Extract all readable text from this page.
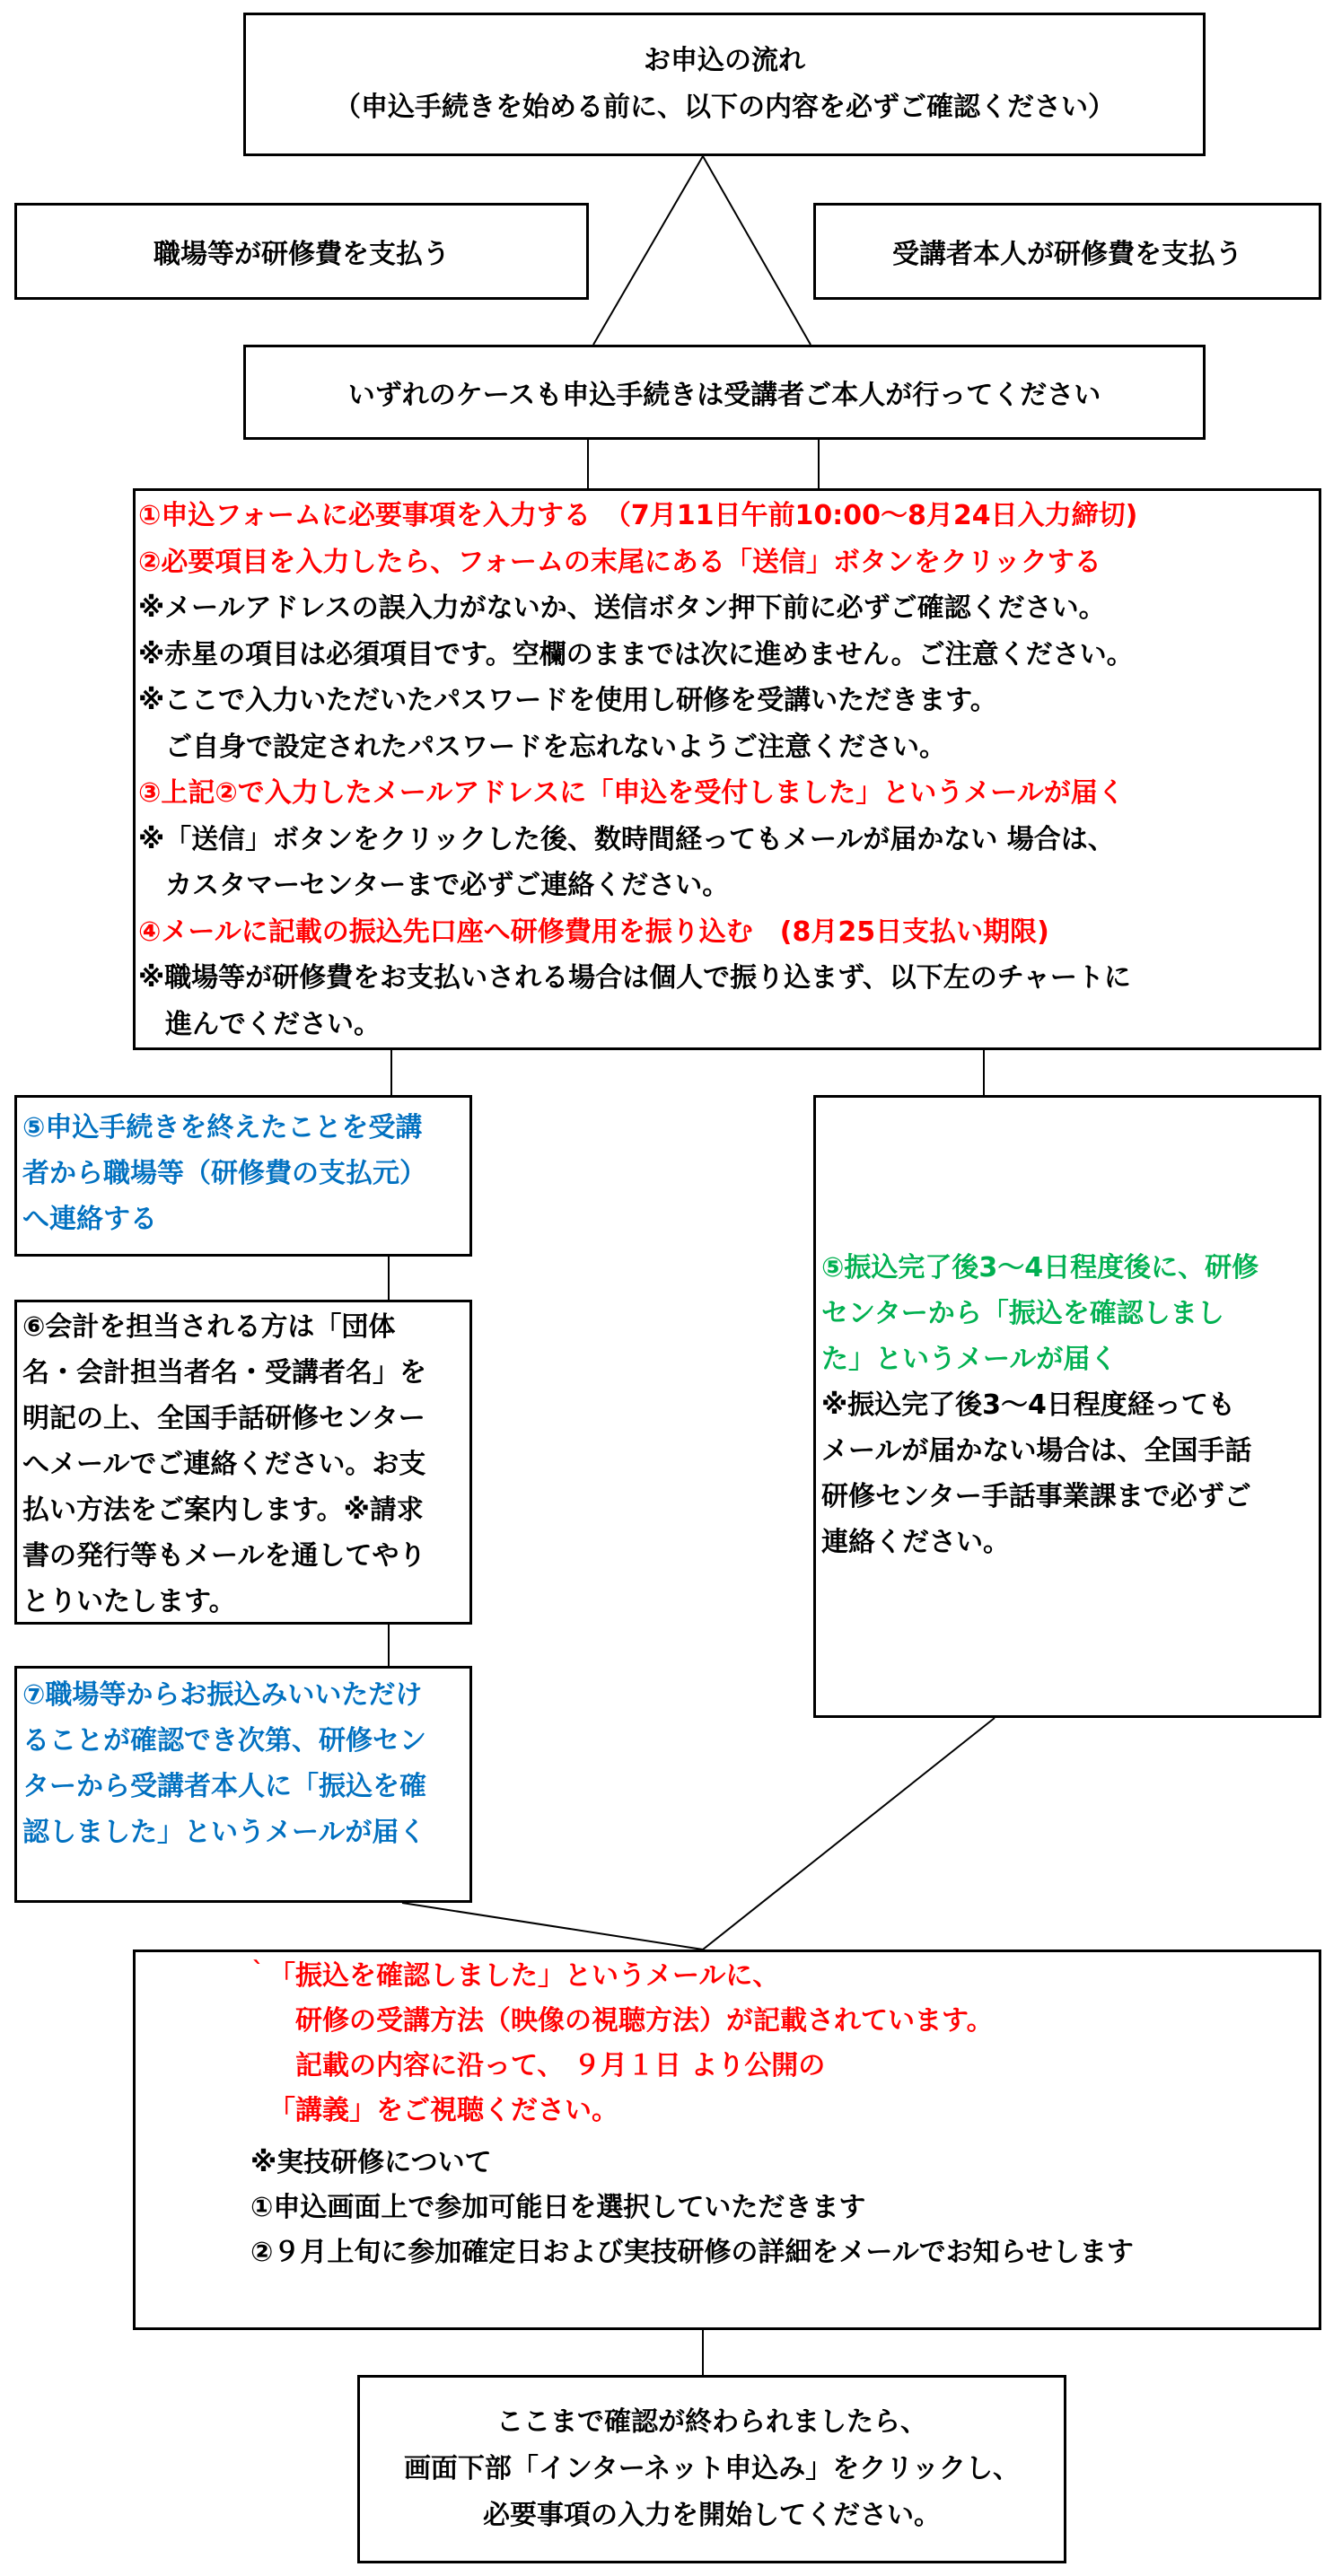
お申込の流れ
（申込手続きを始める前に、以下の内容を必ずご確認ください）
職場等が研修費を支払う	受講者本人が研修費を支払う
いずれのケースも申込手続きは受講者ご本人が行ってください
①申込フォームに必要事項を入力する　（7月11日午前10:00～8月24日入力締切)
②必要項目を入力したら、フォームの末尾にある「送信」ボタンをクリックする
※メールアドレスの誤入力がないか、送信ボタン押下前に必ずご確認ください。
※赤星の項目は必須項目です。空欄のままでは次に進めません。ご注意ください。
※ここで入力いただいたパスワードを使用し研修を受講いただきます。
　ご自身で設定されたパスワードを忘れないようご注意ください。
③上記②で入力したメールアドレスに「申込を受付しました」というメールが届く
※「送信」ボタンをクリックした後、数時間経ってもメールが届かない 場合は、
　カスタマーセンターまで必ずご連絡ください。
④メールに記載の振込先口座へ研修費用を振り込む　(8月25日支払い期限)
※職場等が研修費をお支払いされる場合は個人で振り込まず、以下左のチャートに
　進んでください。
⑤申込手続きを終えたことを受講
者から職場等（研修費の支払元）
へ連絡する
⑥会計を担当される方は「団体
名・会計担当者名・受講者名」を
明記の上、全国手話研修センター
へメールでご連絡ください。お支
払い方法をご案内します。※請求
書の発行等もメールを通してやり
とりいたします。
⑦職場等からお振込みいいただけ
ることが確認でき次第、研修セン
ターから受講者本人に「振込を確
認しました」というメールが届く
⑤振込完了後3～4日程度後に、研修
センターから「振込を確認しまし
た」というメールが届く
※振込完了後3～4日程度経っても
メールが届かない場合は、全国手話
研修センター手話事業課まで必ずご
連絡ください。
` 「振込を確認しました」というメールに、
　研修の受講方法（映像の視聴方法）が記載されています。
　記載の内容に沿って、 ９月１日 より公開の
「講義」をご視聴ください。
※実技研修について
①申込画面上で参加可能日を選択していただきます
②９月上旬に参加確定日および実技研修の詳細をメールでお知らせします
ここまで確認が終わられましたら、
画面下部「インターネット申込み」をクリックし、
必要事項の入力を開始してください。
